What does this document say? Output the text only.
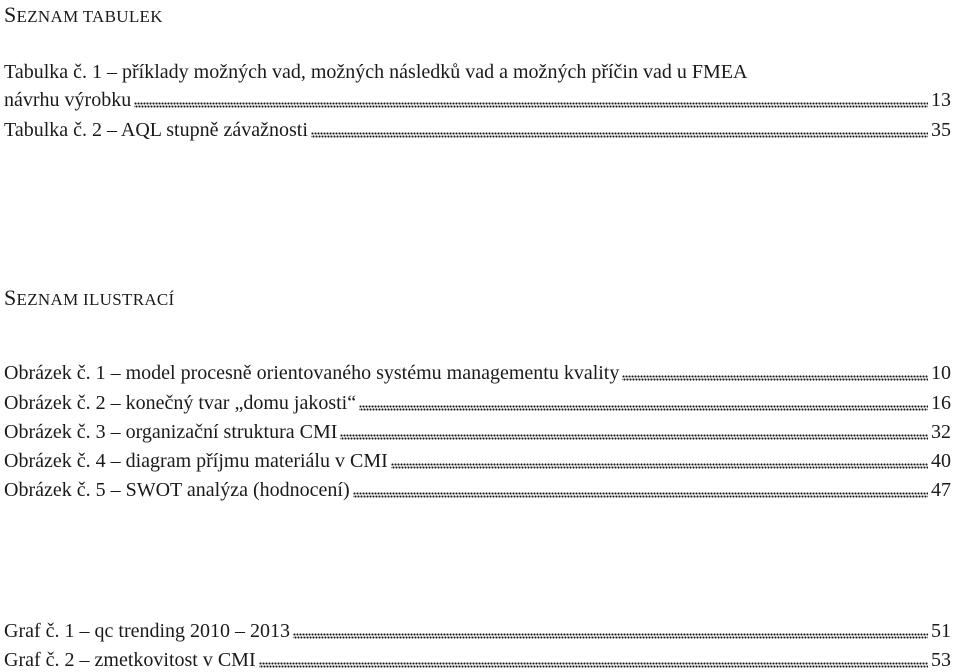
SEZNAM TABULEK
Tabulka č. 1 – příklady možných vad, možných následků vad a možných příčin vad u FMEA
návrhu výrobku	13
Tabulka č. 2 – AQL stupně závažnosti	35
SEZNAM ILUSTRACÍ
Obrázek č. 1 – model procesně orientovaného systému managementu kvality	10
Obrázek č. 2 – konečný tvar „domu jakosti“	16
Obrázek č. 3 – organizační struktura CMI	32
Obrázek č. 4 – diagram příjmu materiálu v CMI	40
Obrázek č. 5 – SWOT analýza (hodnocení)	47
Graf č. 1 – qc trending 2010 – 2013	51
Graf č. 2 – zmetkovitost v CMI	53
